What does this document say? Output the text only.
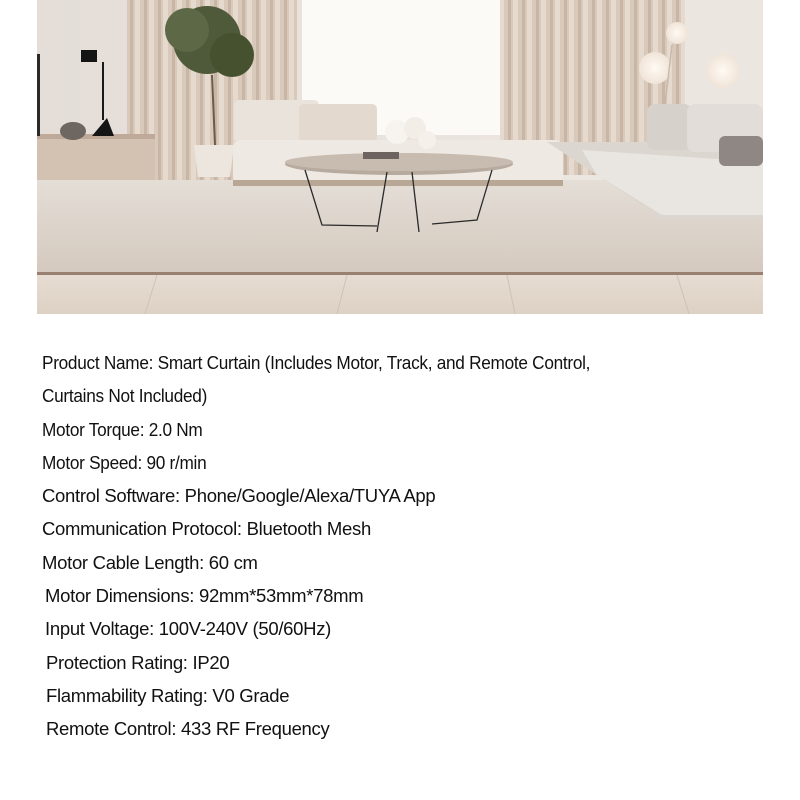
Product Name: Smart Curtain (Includes Motor, Track, and Remote Control,
Curtains Not Included)
Motor Torque: 2.0 Nm
Motor Speed: 90 r/min
Control Software: Phone/Google/Alexa/TUYA App
Communication Protocol: Bluetooth Mesh
Motor Cable Length: 60 cm
Motor Dimensions: 92mm*53mm*78mm
Input Voltage: 100V-240V (50/60Hz)
Protection Rating: IP20
Flammability Rating: V0 Grade
Remote Control: 433 RF Frequency
